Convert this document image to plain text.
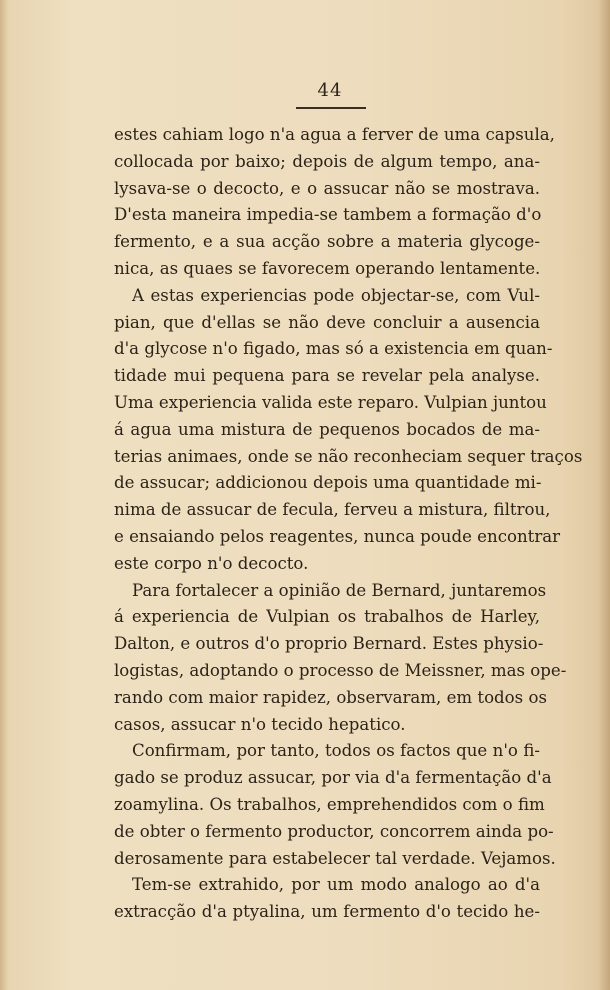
44
estes cahiam logo n'a agua a ferver de uma capsula,
collocada por baixo; depois de algum tempo, ana-
lysava-se o decocto, e o assucar não se mostrava.
D'esta maneira impedia-se tambem a formação d'o
fermento, e a sua acção sobre a materia glycoge-
nica, as quaes se favorecem operando lentamente.
A estas experiencias pode objectar-se, com Vul-
pian, que d'ellas se não deve concluir a ausencia
d'a glycose n'o figado, mas só a existencia em quan-
tidade mui pequena para se revelar pela analyse.
Uma experiencia valida este reparo. Vulpian juntou
á agua uma mistura de pequenos bocados de ma-
terias animaes, onde se não reconheciam sequer traços
de assucar; addicionou depois uma quantidade mi-
nima de assucar de fecula, ferveu a mistura, filtrou,
e ensaiando pelos reagentes, nunca poude encontrar
este corpo n'o decocto.
Para fortalecer a opinião de Bernard, juntaremos
á experiencia de Vulpian os trabalhos de Harley,
Dalton, e outros d'o proprio Bernard. Estes physio-
logistas, adoptando o processo de Meissner, mas ope-
rando com maior rapidez, observaram, em todos os
casos, assucar n'o tecido hepatico.
Confirmam, por tanto, todos os factos que n'o fi-
gado se produz assucar, por via d'a fermentação d'a
zoamylina. Os trabalhos, emprehendidos com o fim
de obter o fermento productor, concorrem ainda po-
derosamente para estabelecer tal verdade. Vejamos.
Tem-se extrahido, por um modo analogo ao d'a
extracção d'a ptyalina, um fermento d'o tecido he-
